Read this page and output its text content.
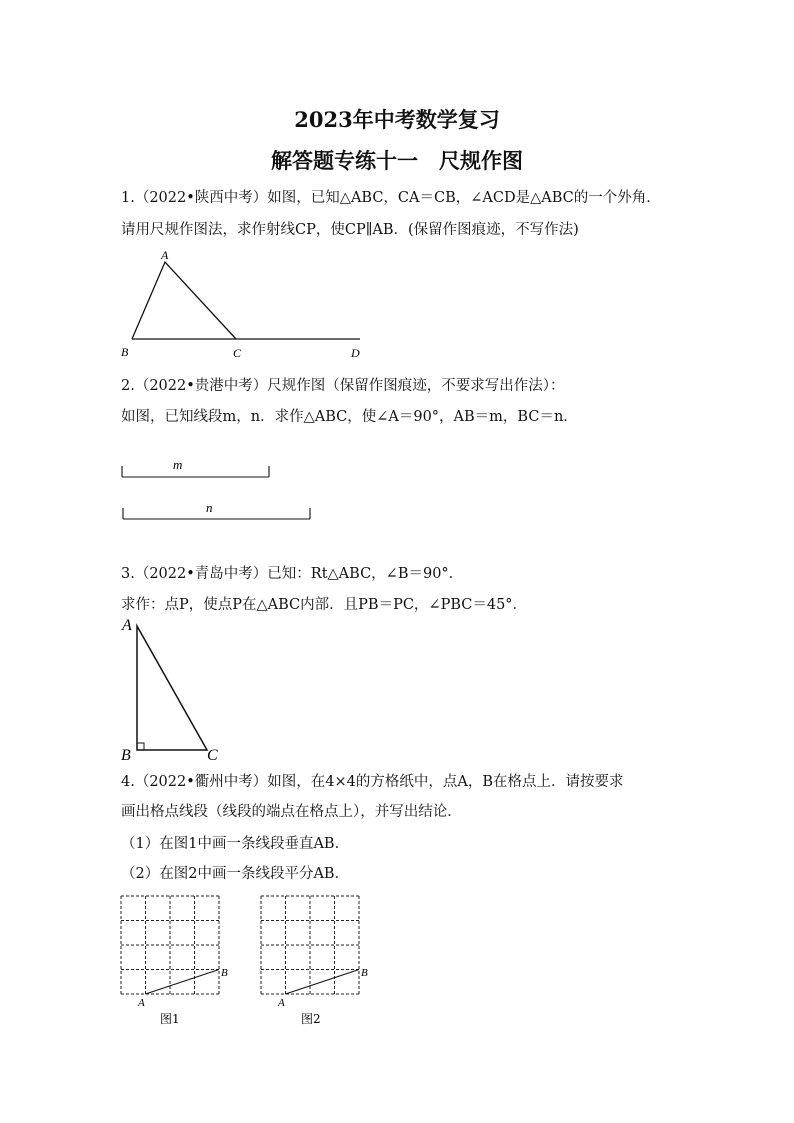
2023年中考数学复习
解答题专练十一　尺规作图
1.（2022•陕西中考）如图，已知△ABC，CA＝CB，∠ACD是△ABC的一个外角．
请用尺规作图法，求作射线CP，使CP∥AB．(保留作图痕迹，不写作法)
A
B	C	D
2.（2022•贵港中考）尺规作图（保留作图痕迹，不要求写出作法）：
如图，已知线段m，n．求作△ABC，使∠A＝90°，AB＝m，BC＝n．
m
n
3.（2022•青岛中考）已知：Rt△ABC，∠B＝90°．
求作：点P，使点P在△ABC内部．且PB＝PC，∠PBC＝45°．
A
B	C
4.（2022•衢州中考）如图，在4×4的方格纸中，点A，B在格点上．请按要求
画出格点线段（线段的端点在格点上），并写出结论．
（1）在图1中画一条线段垂直AB．
（2）在图2中画一条线段平分AB．
A
B
图1
A
B
图2
